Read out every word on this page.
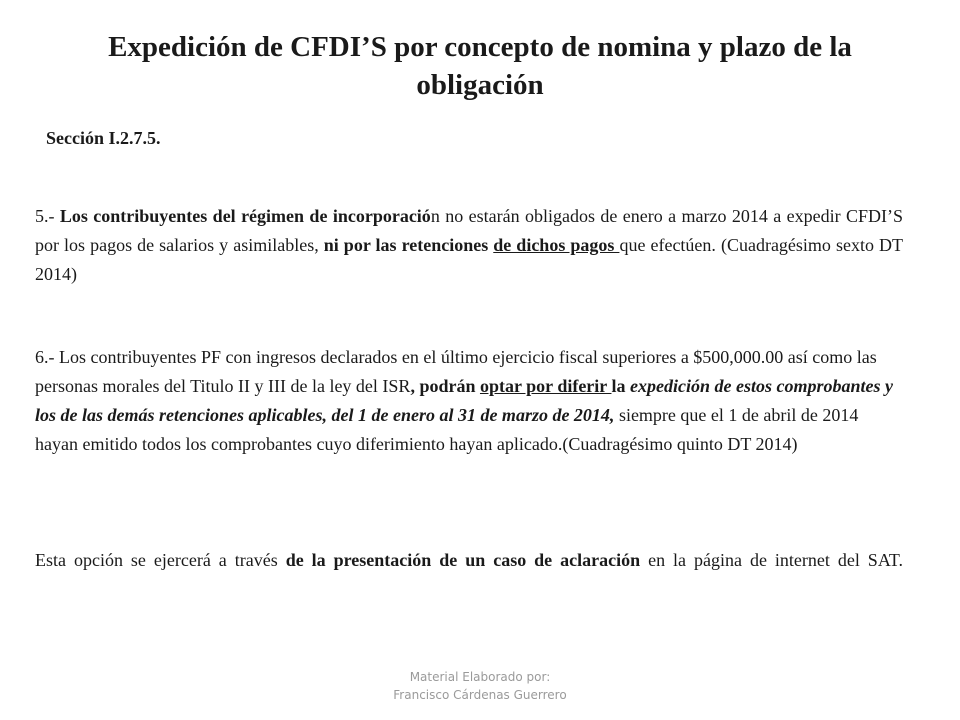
Expedición de CFDI’S por concepto de nomina y plazo de la
obligación
Sección I.2.7.5.
5.- Los contribuyentes del régimen de incorporación no estarán obligados de enero a marzo 2014 a expedir CFDI’S por los pagos de salarios y asimilables, ni por las retenciones de dichos pagos que efectúen. (Cuadragésimo sexto DT 2014)
6.- Los contribuyentes PF con ingresos declarados en el último ejercicio fiscal superiores a $500,000.00 así como las personas morales del Titulo II y III de la ley del ISR, podrán optar por diferir la expedición de estos comprobantes y los de las demás retenciones aplicables, del 1 de enero al 31 de marzo de 2014, siempre que el 1 de abril de 2014 hayan emitido todos los comprobantes cuyo diferimiento hayan aplicado.(Cuadragésimo quinto DT 2014)
Esta opción se ejercerá a través de la presentación de un caso de aclaración en la página de internet del SAT.
Material Elaborado por:
Francisco Cárdenas Guerrero
